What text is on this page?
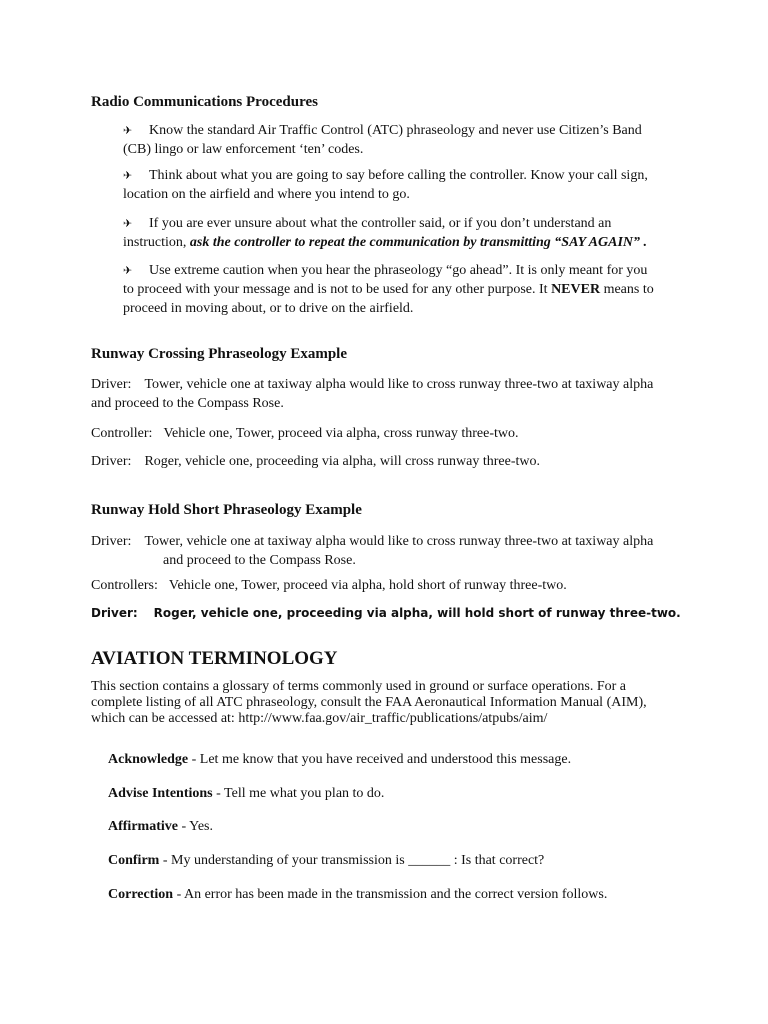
Radio Communications Procedures
✈ Know the standard Air Traffic Control (ATC) phraseology and never use Citizen’s Band
(CB) lingo or law enforcement ‘ten’ codes.
✈ Think about what you are going to say before calling the controller. Know your call sign,
location on the airfield and where you intend to go.
✈ If you are ever unsure about what the controller said, or if you don’t understand an
instruction, ask the controller to repeat the communication by transmitting “SAY AGAIN” .
✈ Use extreme caution when you hear the phraseology “go ahead”. It is only meant for you
to proceed with your message and is not to be used for any other purpose. It NEVER means to
proceed in moving about, or to drive on the airfield.
Runway Crossing Phraseology Example
Driver: Tower, vehicle one at taxiway alpha would like to cross runway three-two at taxiway alpha
and proceed to the Compass Rose.
Controller: Vehicle one, Tower, proceed via alpha, cross runway three-two.
Driver: Roger, vehicle one, proceeding via alpha, will cross runway three-two.
Runway Hold Short Phraseology Example
Driver: Tower, vehicle one at taxiway alpha would like to cross runway three-two at taxiway alpha
and proceed to the Compass Rose.
Controllers: Vehicle one, Tower, proceed via alpha, hold short of runway three-two.
Driver: Roger, vehicle one, proceeding via alpha, will hold short of runway three-two.
AVIATION TERMINOLOGY
This section contains a glossary of terms commonly used in ground or surface operations. For a
complete listing of all ATC phraseology, consult the FAA Aeronautical Information Manual (AIM),
which can be accessed at: http://www.faa.gov/air_traffic/publications/atpubs/aim/
Acknowledge - Let me know that you have received and understood this message.
Advise Intentions - Tell me what you plan to do.
Affirmative - Yes.
Confirm - My understanding of your transmission is ______ : Is that correct?
Correction - An error has been made in the transmission and the correct version follows.
